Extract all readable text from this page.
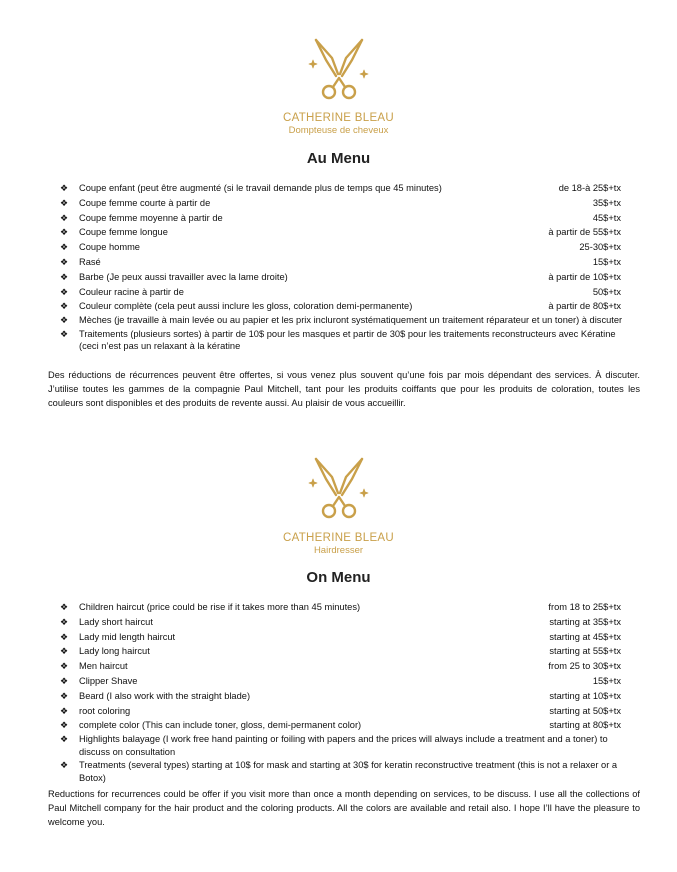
CATHERINE BLEAU
Dompteuse de cheveux
Au Menu
❖ Coupe enfant (peut être augmenté (si le travail demande plus de temps que 45 minutes)	de 18-à 25$+tx
❖ Coupe femme courte à partir de	35$+tx
❖ Coupe femme moyenne à partir de	45$+tx
❖ Coupe femme longue	à partir de 55$+tx
❖ Coupe homme	25-30$+tx
❖ Rasé	15$+tx
❖ Barbe (Je peux aussi travailler avec la lame droite)	à partir de 10$+tx
❖ Couleur racine à partir de	50$+tx
❖ Couleur complète (cela peut aussi inclure les gloss, coloration demi-permanente)	à partir de 80$+tx
❖ Mèches (je travaille à main levée ou au papier et les prix incluront systématiquement un traitement réparateur et un toner) à discuter
❖ Traitements (plusieurs sortes) à partir de 10$ pour les masques et partir de 30$ pour les traitements reconstructeurs avec Kératine (ceci n’est pas un relaxant à la kératine
Des réductions de récurrences peuvent être offertes, si vous venez plus souvent qu’une fois par mois dépendant des services. À discuter. J’utilise toutes les gammes de la compagnie Paul Mitchell, tant pour les produits coiffants que pour les produits de coloration, toutes les couleurs sont disponibles et des produits de revente aussi. Au plaisir de vous accueillir.
CATHERINE BLEAU
Hairdresser
On Menu
❖ Children haircut (price could be rise if it takes more than 45 minutes)	from 18 to 25$+tx
❖ Lady short haircut	starting at 35$+tx
❖ Lady mid length haircut	starting at 45$+tx
❖ Lady long haircut	starting at 55$+tx
❖ Men haircut	from 25 to 30$+tx
❖ Clipper Shave	15$+tx
❖ Beard (I also work with the straight blade)	starting at 10$+tx
❖ root coloring	starting at 50$+tx
❖ complete color (This can include toner, gloss, demi-permanent color)	starting at 80$+tx
❖ Highlights balayage (I work free hand painting or foiling with papers and the prices will always include a treatment and a toner) to discuss on consultation
❖ Treatments (several types) starting at 10$ for mask and starting at 30$ for keratin reconstructive treatment (this is not a relaxer or a Botox)
Reductions for recurrences could be offer if you visit more than once a month depending on services, to be discuss. I use all the collections of Paul Mitchell company for the hair product and the coloring products. All the colors are available and retail also. I hope I’ll have the pleasure to welcome you.
